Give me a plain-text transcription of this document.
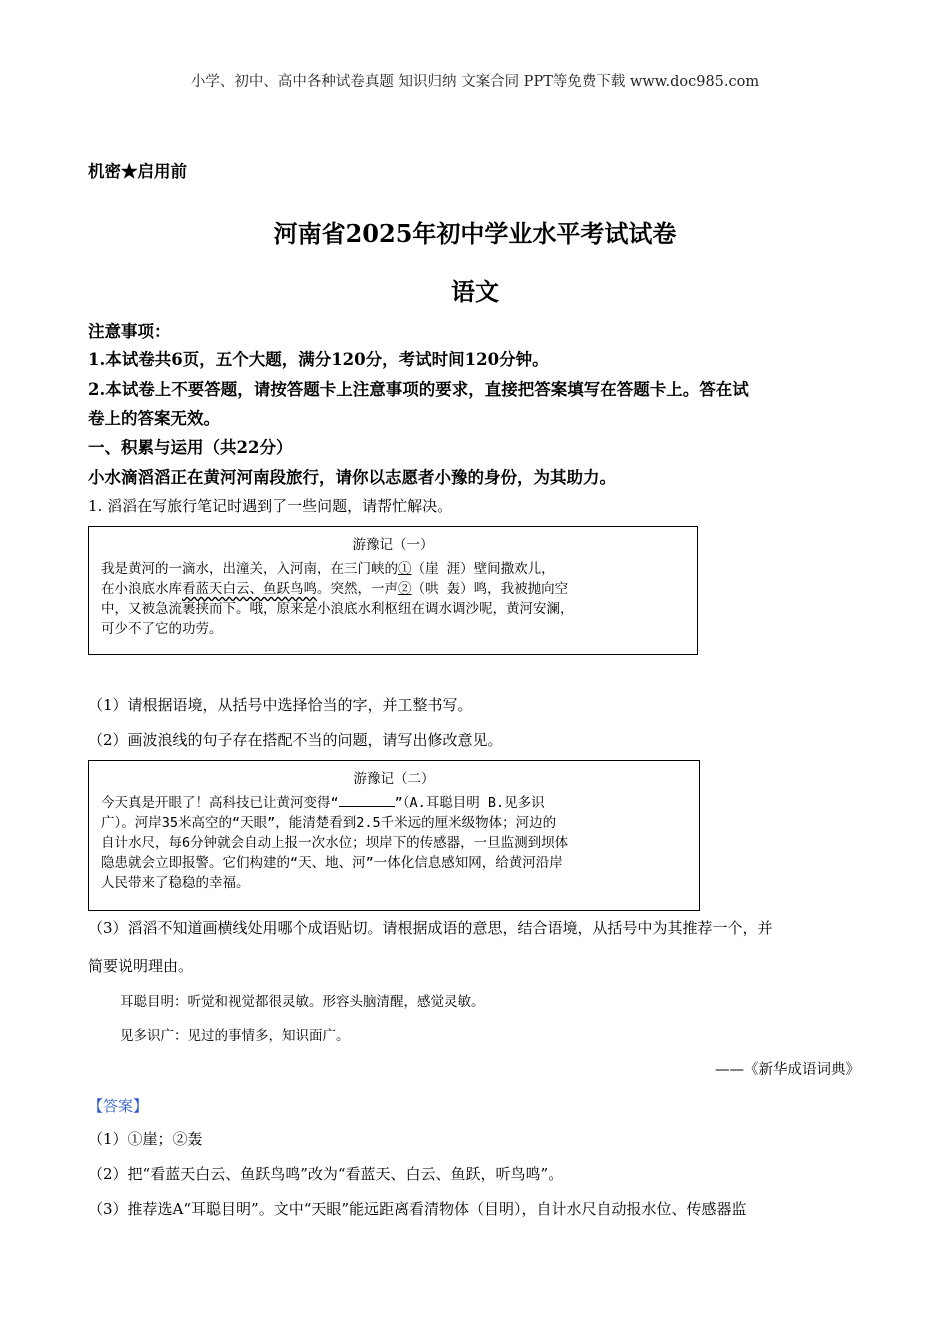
小学、初中、高中各种试卷真题 知识归纳 文案合同 PPT等免费下载 www.doc985.com
机密★启用前
河南省2025年初中学业水平考试试卷
语文
注意事项：
1.本试卷共6页，五个大题，满分120分，考试时间120分钟。
2.本试卷上不要答题，请按答题卡上注意事项的要求，直接把答案填写在答题卡上。答在试
卷上的答案无效。
一、积累与运用（共22分）
小水滴滔滔正在黄河河南段旅行，请你以志愿者小豫的身份，为其助力。
1. 滔滔在写旅行笔记时遇到了一些问题，请帮忙解决。
游豫记（一）
我是黄河的一滴水，出潼关，入河南，在三门峡的①（崖 涯）壁间撒欢儿，
在小浪底水库看蓝天白云、鱼跃鸟鸣。突然，一声②（哄 轰）鸣，我被抛向空
中，又被急流裹挟而下。哦，原来是小浪底水利枢纽在调水调沙呢，黄河安澜，
可少不了它的功劳。
（1）请根据语境，从括号中选择恰当的字，并工整书写。
（2）画波浪线的句子存在搭配不当的问题，请写出修改意见。
游豫记（二）
今天真是开眼了！高科技已让黄河变得“	”（A.耳聪目明 B.见多识
广）。河岸35米高空的“天眼”，能清楚看到2.5千米远的厘米级物体；河边的
自计水尺，每6分钟就会自动上报一次水位；坝岸下的传感器，一旦监测到坝体
隐患就会立即报警。它们构建的“天、地、河”一体化信息感知网，给黄河沿岸
人民带来了稳稳的幸福。
（3）滔滔不知道画横线处用哪个成语贴切。请根据成语的意思，结合语境，从括号中为其推荐一个，并
简要说明理由。
耳聪目明：听觉和视觉都很灵敏。形容头脑清醒，感觉灵敏。
见多识广：见过的事情多，知识面广。
——《新华成语词典》
【答案】
（1）①崖；②轰
（2）把“看蓝天白云、鱼跃鸟鸣”改为“看蓝天、白云、鱼跃，听鸟鸣”。
（3）推荐选A“耳聪目明”。文中“天眼”能远距离看清物体（目明），自计水尺自动报水位、传感器监
